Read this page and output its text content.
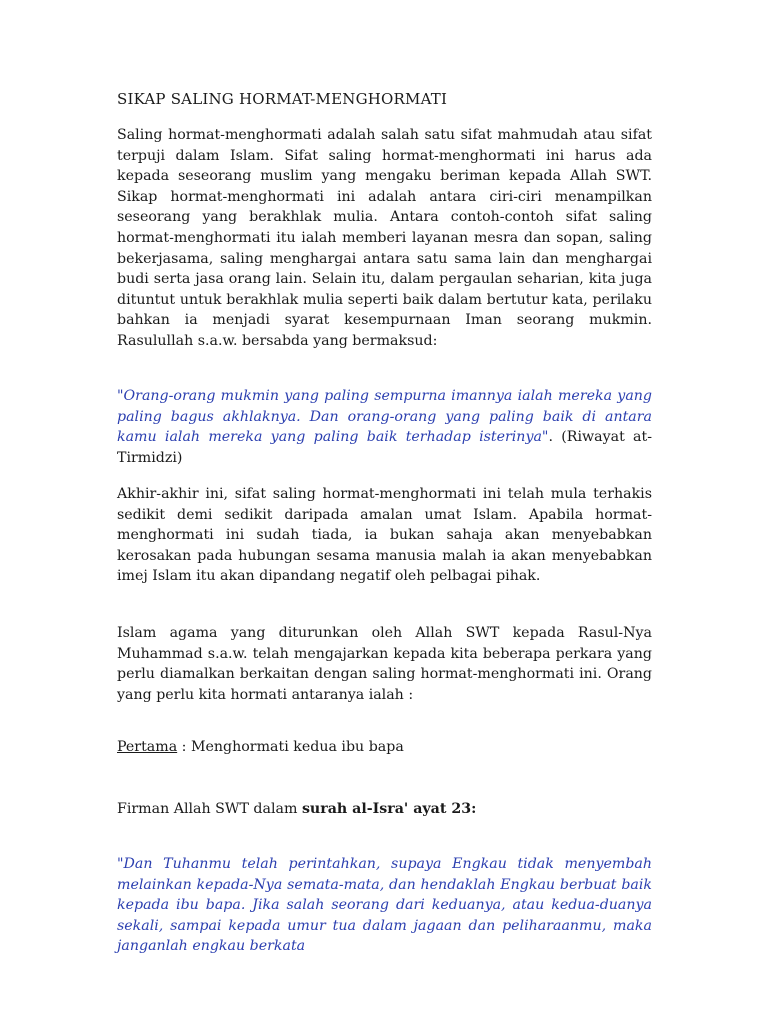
SIKAP SALING HORMAT-MENGHORMATI

Saling hormat-menghormati adalah salah satu sifat mahmudah atau sifat terpuji dalam Islam. Sifat saling hormat-menghormati ini harus ada kepada seseorang muslim yang mengaku beriman kepada Allah SWT. Sikap hormat-menghormati ini adalah antara ciri-ciri menampilkan seseorang yang berakhlak mulia. Antara contoh-contoh sifat saling hormat-menghormati itu ialah memberi layanan mesra dan sopan, saling bekerjasama, saling menghargai antara satu sama lain dan menghargai budi serta jasa orang lain. Selain itu, dalam pergaulan seharian, kita juga dituntut untuk berakhlak mulia seperti baik dalam bertutur kata, perilaku bahkan ia menjadi syarat kesempurnaan Iman seorang mukmin. Rasulullah s.a.w. bersabda yang bermaksud:

"Orang-orang mukmin yang paling sempurna imannya ialah mereka yang paling bagus akhlaknya. Dan orang-orang yang paling baik di antara kamu ialah mereka yang paling baik terhadap isterinya". (Riwayat at-Tirmidzi)

Akhir-akhir ini, sifat saling hormat-menghormati ini telah mula terhakis sedikit demi sedikit daripada amalan umat Islam. Apabila hormat-menghormati ini sudah tiada, ia bukan sahaja akan menyebabkan kerosakan pada hubungan sesama manusia malah ia akan menyebabkan imej Islam itu akan dipandang negatif oleh pelbagai pihak.

Islam agama yang diturunkan oleh Allah SWT kepada Rasul-Nya Muhammad s.a.w. telah mengajarkan kepada kita beberapa perkara yang perlu diamalkan berkaitan dengan saling hormat-menghormati ini. Orang yang perlu kita hormati antaranya ialah :

Pertama : Menghormati kedua ibu bapa
Firman Allah SWT dalam surah al-Isra' ayat 23:

"Dan Tuhanmu telah perintahkan, supaya Engkau tidak menyembah melainkan kepada-Nya semata-mata, dan hendaklah Engkau berbuat baik kepada ibu bapa. Jika salah seorang dari keduanya, atau kedua-duanya sekali, sampai kepada umur tua dalam jagaan dan peliharaanmu, maka janganlah engkau berkata
